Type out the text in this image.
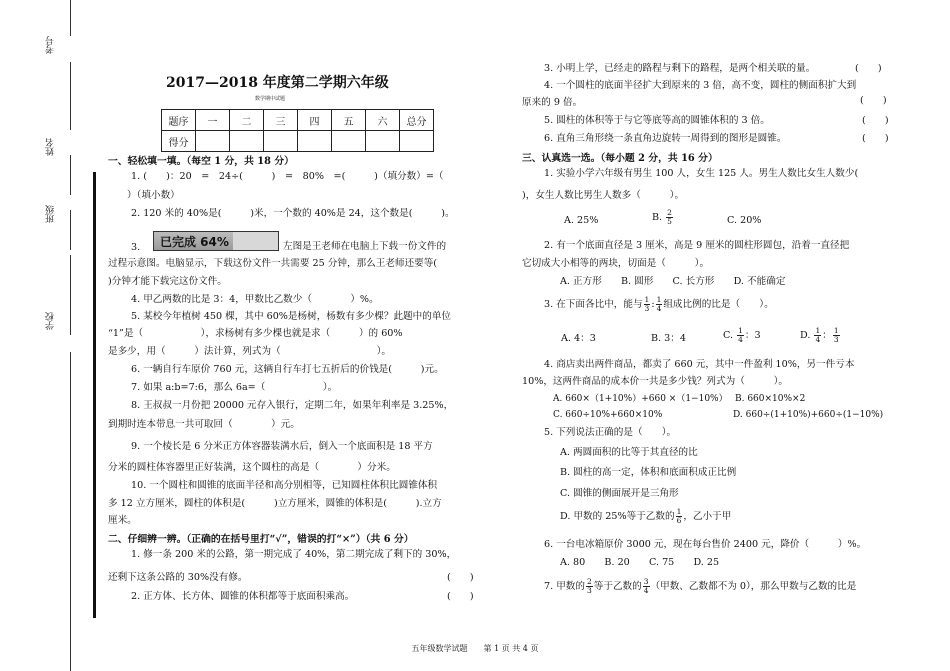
考号
姓名
班级
学校
2017—2018 年度第二学期六年级
数学期中试题
题序	一	二	三	四	五	六	总分
得分							
一、轻松填一填。（每空 1 分，共 18 分）
1. (　　)：20　=　24÷(　　　)　=　80%　=(　　　)（填分数）=（
）（填小数）
2. 120 米的 40%是(　　　)米，一个数的 40%是 24，这个数是(　　　)。
3. 已完成 64%	左图是王老师在电脑上下载一份文件的
过程示意图。电脑显示，下载这份文件一共需要 25 分钟，那么王老师还要等(
)分钟才能下载完这份文件。
4. 甲乙两数的比是 3：4，甲数比乙数少（　　　　）%。
5. 某校今年植树 450 棵，其中 60%是杨树，杨数有多少棵？此题中的单位
“1”是（　　　　　　），求杨树有多少棵也就是求（　　　）的 60%
是多少，用（　　　）法计算，列式为（　　　　　　　　　　）。
6. 一辆自行车原价 760 元，这辆自行车打七五折后的价钱是(　　　)元。
7. 如果 a:b=7:6，那么 6a=（　　　　　　）。
8. 王叔叔一月份把 20000 元存入银行，定期二年，如果年利率是 3.25%，
到期时连本带息一共可取回（　　　　）元。
9. 一个棱长是 6 分米正方体容器装满水后，倒入一个底面积是 18 平方
分米的圆柱体容器里正好装满，这个圆柱的高是（　　　　）分米。
10. 一个圆柱和圆锥的底面半径和高分别相等，已知圆柱体积比圆锥体积
多 12 立方厘米，圆柱的体积是(　　　)立方厘米，圆锥的体积是(　　　).立方
厘米。
二、仔细辨一辨。（正确的在括号里打“√”，错误的打“×”）（共 6 分）
1. 修一条 200 米的公路，第一期完成了 40%，第二期完成了剩下的 30%，
还剩下这条公路的 30%没有修。	(　　)
2. 正方体、长方体、圆锥的体积都等于底面积乘高。	(　　)
3. 小明上学，已经走的路程与剩下的路程，是两个相关联的量。	(　　)
4. 一个圆柱的底面半径扩大到原来的 3 倍，高不变，圆柱的侧面积扩大到
原来的 9 倍。	(　　)
5. 圆柱的体积等于与它等底等高的圆锥体积的 3 倍。	(　　)
6. 直角三角形绕一条直角边旋转一周得到的图形是圆锥。	(　　)
三、认真选一选。（每小题 2 分，共 16 分）
1. 实验小学六年级有男生 100 人，女生 125 人。男生人数比女生人数少(
)，女生人数比男生人数多（　　　）。
A. 25%	B. $\frac{2}{5}$	C. 20%
2. 有一个底面直径是 3 厘米，高是 9 厘米的圆柱形圆包，沿着一直径把
它切成大小相等的两块，切面是（　　　）。
A. 正方形　　B. 圆形　　C. 长方形　　D. 不能确定
3. 在下面各比中，能与 $\frac{1}{3}$ : $\frac{1}{4}$ 组成比例的比是（　　）。
A. 4：3	B. 3：4	C. $\frac{1}{4}$ ：3	D. $\frac{1}{4}$ ： $\frac{1}{3}$
4. 商店卖出两件商品，都卖了 660 元，其中一件盈利 10%，另一件亏本
10%，这两件商品的成本价一共是多少钱？列式为（　　　）。
A. 660×（1+10%）+660 ×（1−10%） B. 660×10%×2
C. 660÷10%+660×10%	D. 660÷(1+10%)+660÷(1−10%)
5. 下列说法正确的是（　　）。
A. 两圆面积的比等于其直径的比
B. 圆柱的高一定，体积和底面积成正比例
C. 圆锥的侧面展开是三角形
D. 甲数的 25%等于乙数的 $\frac{1}{6}$ ，乙小于甲
6. 一台电冰箱原价 3000 元，现在每台售价 2400 元，降价（　　　）%。
A. 80　　B. 20　　C. 75　　D. 25
7. 甲数的 $\frac{2}{3}$ 等于乙数的 $\frac{3}{4}$ （甲数、乙数都不为 0），那么甲数与乙数的比是
五年级数学试题　　第 1 页 共 4 页
